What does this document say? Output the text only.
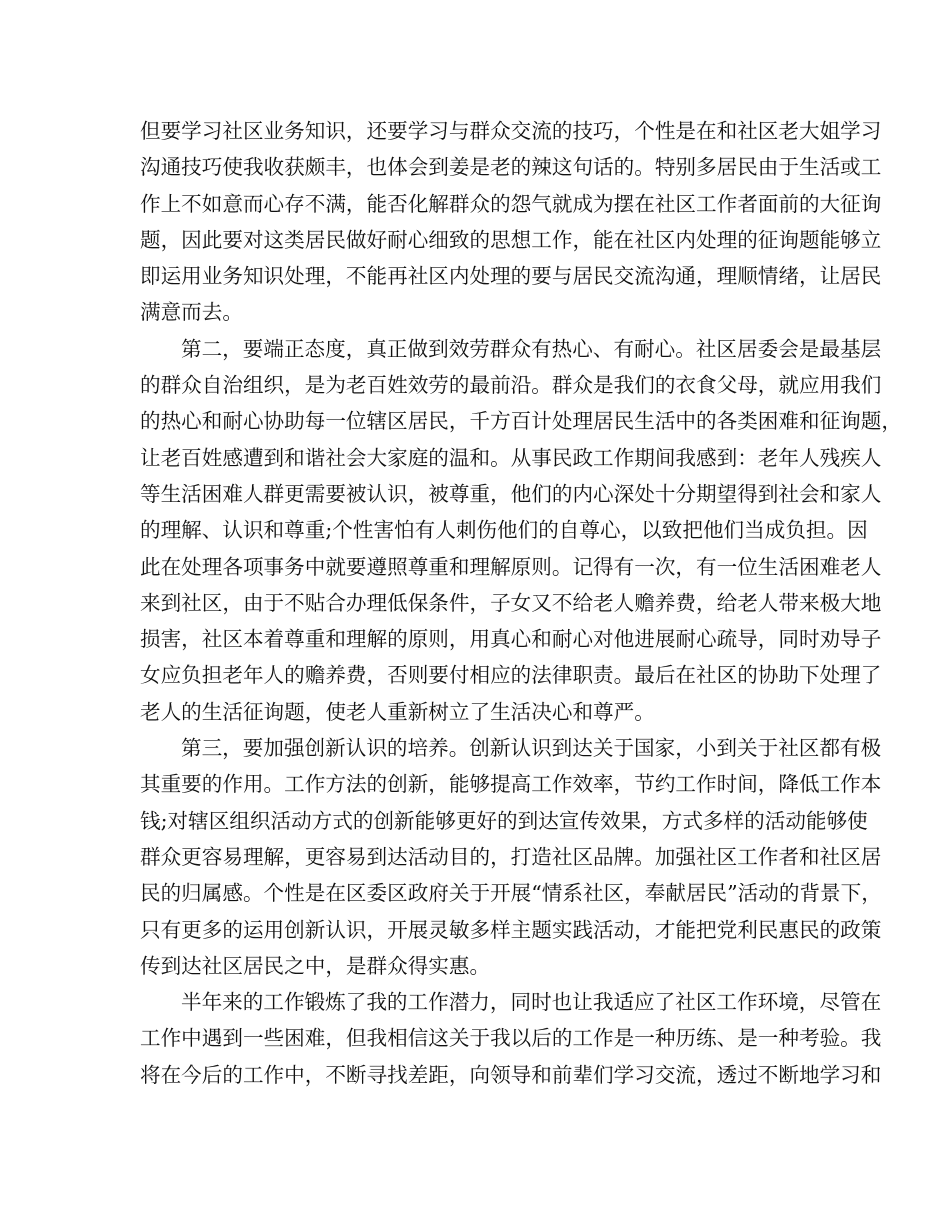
但要学习社区业务知识，还要学习与群众交流的技巧，个性是在和社区老大姐学习
沟通技巧使我收获颇丰，也体会到姜是老的辣这句话的。特别多居民由于生活或工
作上不如意而心存不满，能否化解群众的怨气就成为摆在社区工作者面前的大征询
题，因此要对这类居民做好耐心细致的思想工作，能在社区内处理的征询题能够立
即运用业务知识处理，不能再社区内处理的要与居民交流沟通，理顺情绪，让居民
满意而去。
第二，要端正态度，真正做到效劳群众有热心、有耐心。社区居委会是最基层
的群众自治组织，是为老百姓效劳的最前沿。群众是我们的衣食父母，就应用我们
的热心和耐心协助每一位辖区居民，千方百计处理居民生活中的各类困难和征询题，
让老百姓感遭到和谐社会大家庭的温和。从事民政工作期间我感到：老年人残疾人
等生活困难人群更需要被认识，被尊重，他们的内心深处十分期望得到社会和家人
的理解、认识和尊重;个性害怕有人刺伤他们的自尊心，以致把他们当成负担。因
此在处理各项事务中就要遵照尊重和理解原则。记得有一次，有一位生活困难老人
来到社区，由于不贴合办理低保条件，子女又不给老人赡养费，给老人带来极大地
损害，社区本着尊重和理解的原则，用真心和耐心对他进展耐心疏导，同时劝导子
女应负担老年人的赡养费，否则要付相应的法律职责。最后在社区的协助下处理了
老人的生活征询题，使老人重新树立了生活决心和尊严。
第三，要加强创新认识的培养。创新认识到达关于国家，小到关于社区都有极
其重要的作用。工作方法的创新，能够提高工作效率，节约工作时间，降低工作本
钱;对辖区组织活动方式的创新能够更好的到达宣传效果，方式多样的活动能够使
群众更容易理解，更容易到达活动目的，打造社区品牌。加强社区工作者和社区居
民的归属感。个性是在区委区政府关于开展“情系社区，奉献居民”活动的背景下，
只有更多的运用创新认识，开展灵敏多样主题实践活动，才能把党利民惠民的政策
传到达社区居民之中，是群众得实惠。
半年来的工作锻炼了我的工作潜力，同时也让我适应了社区工作环境，尽管在
工作中遇到一些困难，但我相信这关于我以后的工作是一种历练、是一种考验。我
将在今后的工作中，不断寻找差距，向领导和前辈们学习交流，透过不断地学习和
